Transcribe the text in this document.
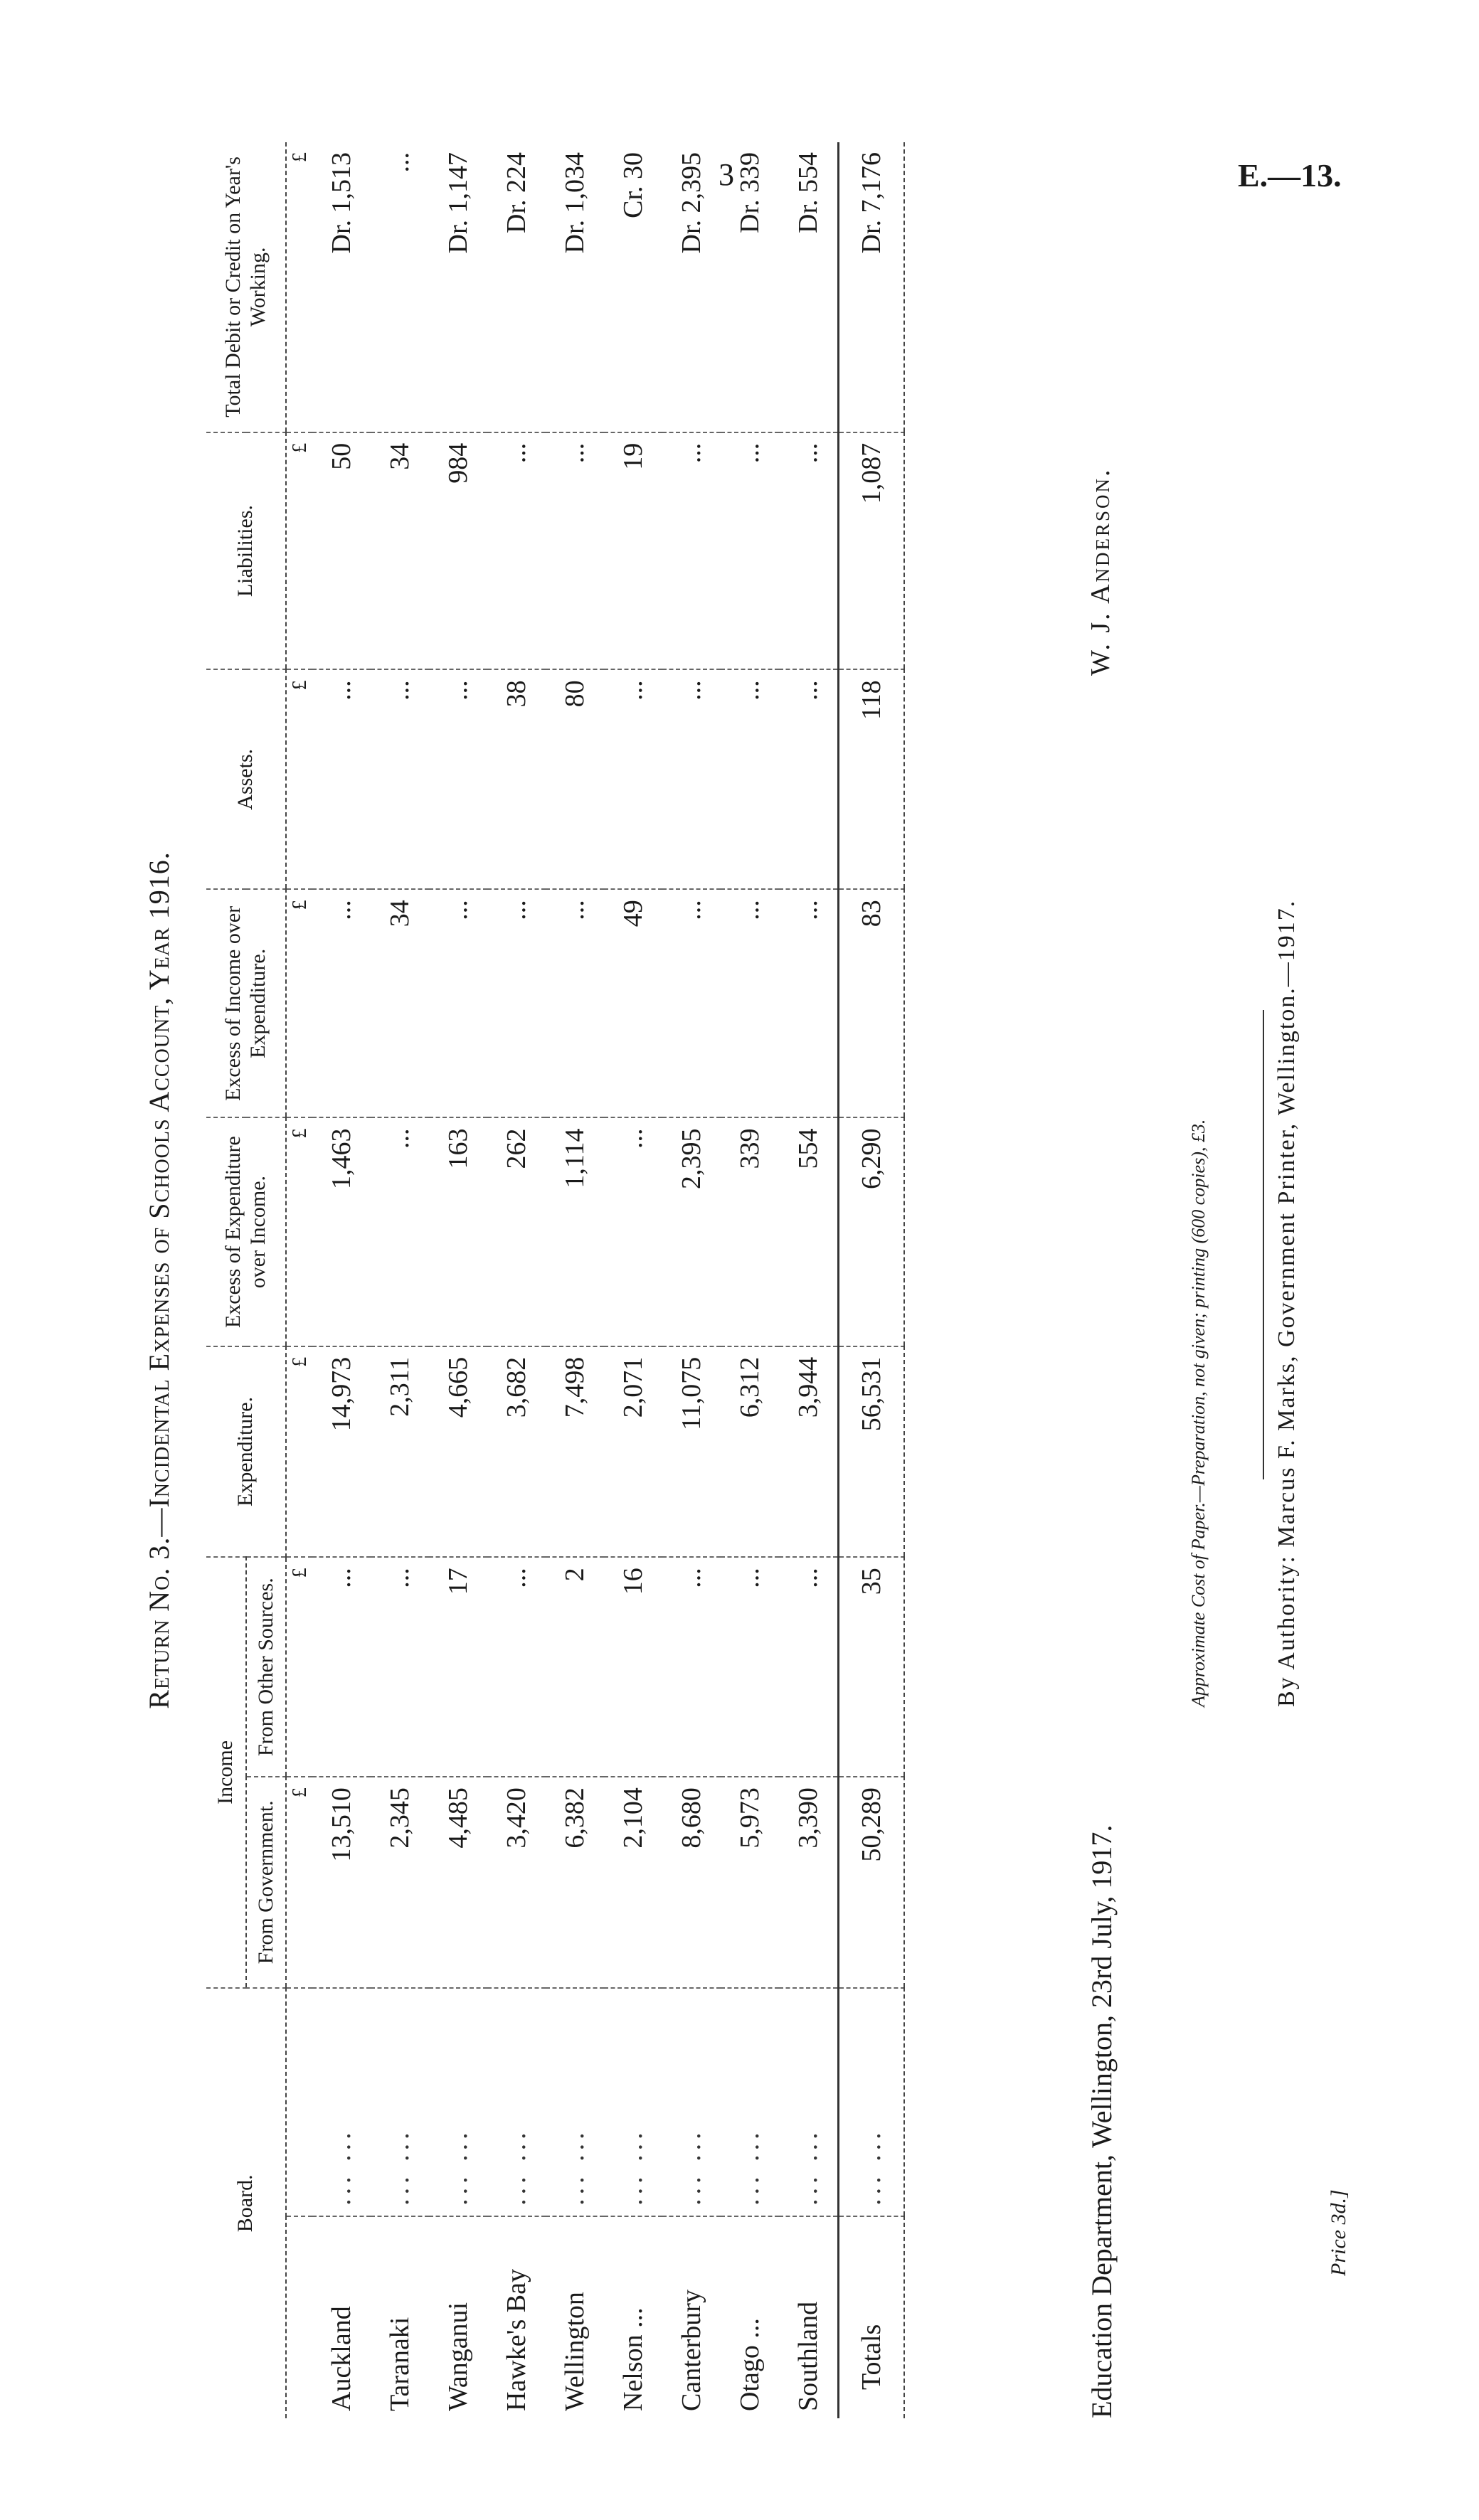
3	E.—13.
Return No. 3.—Incidental Expenses of Schools Account, Year 1916.
Board.		Income		Expenditure.	Excess of Expenditure over Income.	Excess of Income over Expenditure.	Assets.	Liabilities.	Total Debit or Credit on Year's Working.
		From Government.	From Other Sources.						
		£	£	£	£	£	£	£	£
Auckland	... ...	13,510	...	14,973	1,463	...	...	50	Dr. 1,513
Taranaki	... ...	2,345	...	2,311	...	34	...	34	...
Wanganui	... ...	4,485	17	4,665	163	...	...	984	Dr. 1,147
Hawke's Bay	... ...	3,420	...	3,682	262	...	38	...	Dr. 224
Wellington	... ...	6,382	2	7,498	1,114	...	80	...	Dr. 1,034
Nelson ...	... ...	2,104	16	2,071	...	49	...	19	Cr. 30
Canterbury	... ...	8,680	...	11,075	2,395	...	...	...	Dr. 2,395
Otago ...	... ...	5,973	...	6,312	339	...	...	...	Dr. 339
Southland	... ...	3,390	...	3,944	554	...	...	...	Dr. 554
Totals	... ...	50,289	35	56,531	6,290	83	118	1,087	Dr. 7,176
Education Department, Wellington, 23rd July, 1917.
W. J. Anderson.
Approximate Cost of Paper.—Preparation, not given; printing (600 copies), £3.	By Authority: Marcus F. Marks, Government Printer, Wellington.—1917.
Price 3d.]
